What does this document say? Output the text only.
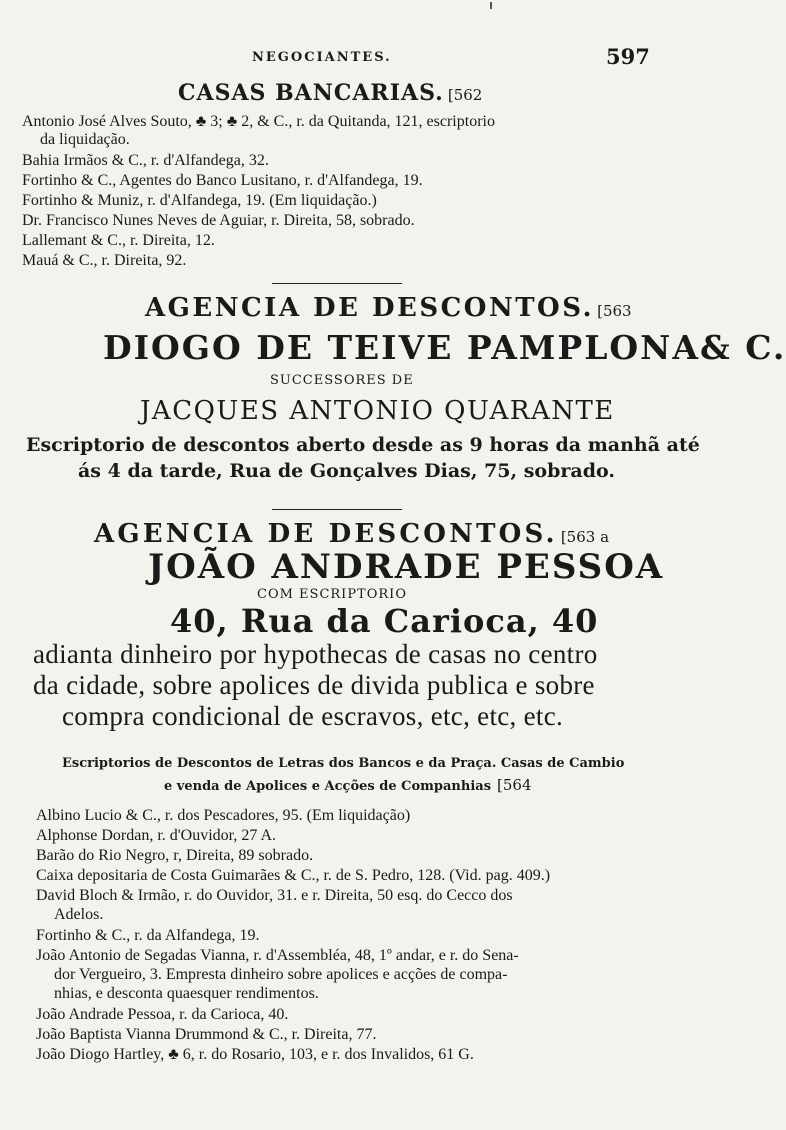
NEGOCIANTES.	597
CASAS BANCARIAS. [562
Antonio José Alves Souto, ♣ 3; ♣ 2, & C., r. da Quitanda, 121, escriptorio
da liquidação.
Bahia Irmãos & C., r. d'Alfandega, 32.
Fortinho & C., Agentes do Banco Lusitano, r. d'Alfandega, 19.
Fortinho & Muniz, r. d'Alfandega, 19. (Em liquidação.)
Dr. Francisco Nunes Neves de Aguiar, r. Direita, 58, sobrado.
Lallemant & C., r. Direita, 12.
Mauá & C., r. Direita, 92.
AGENCIA DE DESCONTOS. [563
DIOGO DE TEIVE PAMPLONA& C.
SUCCESSORES DE
JACQUES ANTONIO QUARANTE
Escriptorio de descontos aberto desde as 9 horas da manhã até
ás 4 da tarde, Rua de Gonçalves Dias, 75, sobrado.
AGENCIA DE DESCONTOS. [563 a
JOÃO ANDRADE PESSOA
COM ESCRIPTORIO
40, Rua da Carioca, 40
adianta dinheiro por hypothecas de casas no centro
da cidade, sobre apolices de divida publica e sobre
compra condicional de escravos, etc, etc, etc.
Escriptorios de Descontos de Letras dos Bancos e da Praça. Casas de Cambio
e venda de Apolices e Acções de Companhias [564
Albino Lucio & C., r. dos Pescadores, 95. (Em liquidação)
Alphonse Dordan, r. d'Ouvidor, 27 A.
Barão do Rio Negro, r, Direita, 89 sobrado.
Caixa depositaria de Costa Guimarães & C., r. de S. Pedro, 128. (Vid. pag. 409.)
David Bloch & Irmão, r. do Ouvidor, 31. e r. Direita, 50 esq. do Cecco dos
Adelos.
Fortinho & C., r. da Alfandega, 19.
João Antonio de Segadas Vianna, r. d'Assembléa, 48, 1º andar, e r. do Sena-
dor Vergueiro, 3. Empresta dinheiro sobre apolices e acções de compa-
nhias, e desconta quaesquer rendimentos.
João Andrade Pessoa, r. da Carioca, 40.
João Baptista Vianna Drummond & C., r. Direita, 77.
João Diogo Hartley, ♣ 6, r. do Rosario, 103, e r. dos Invalidos, 61 G.
